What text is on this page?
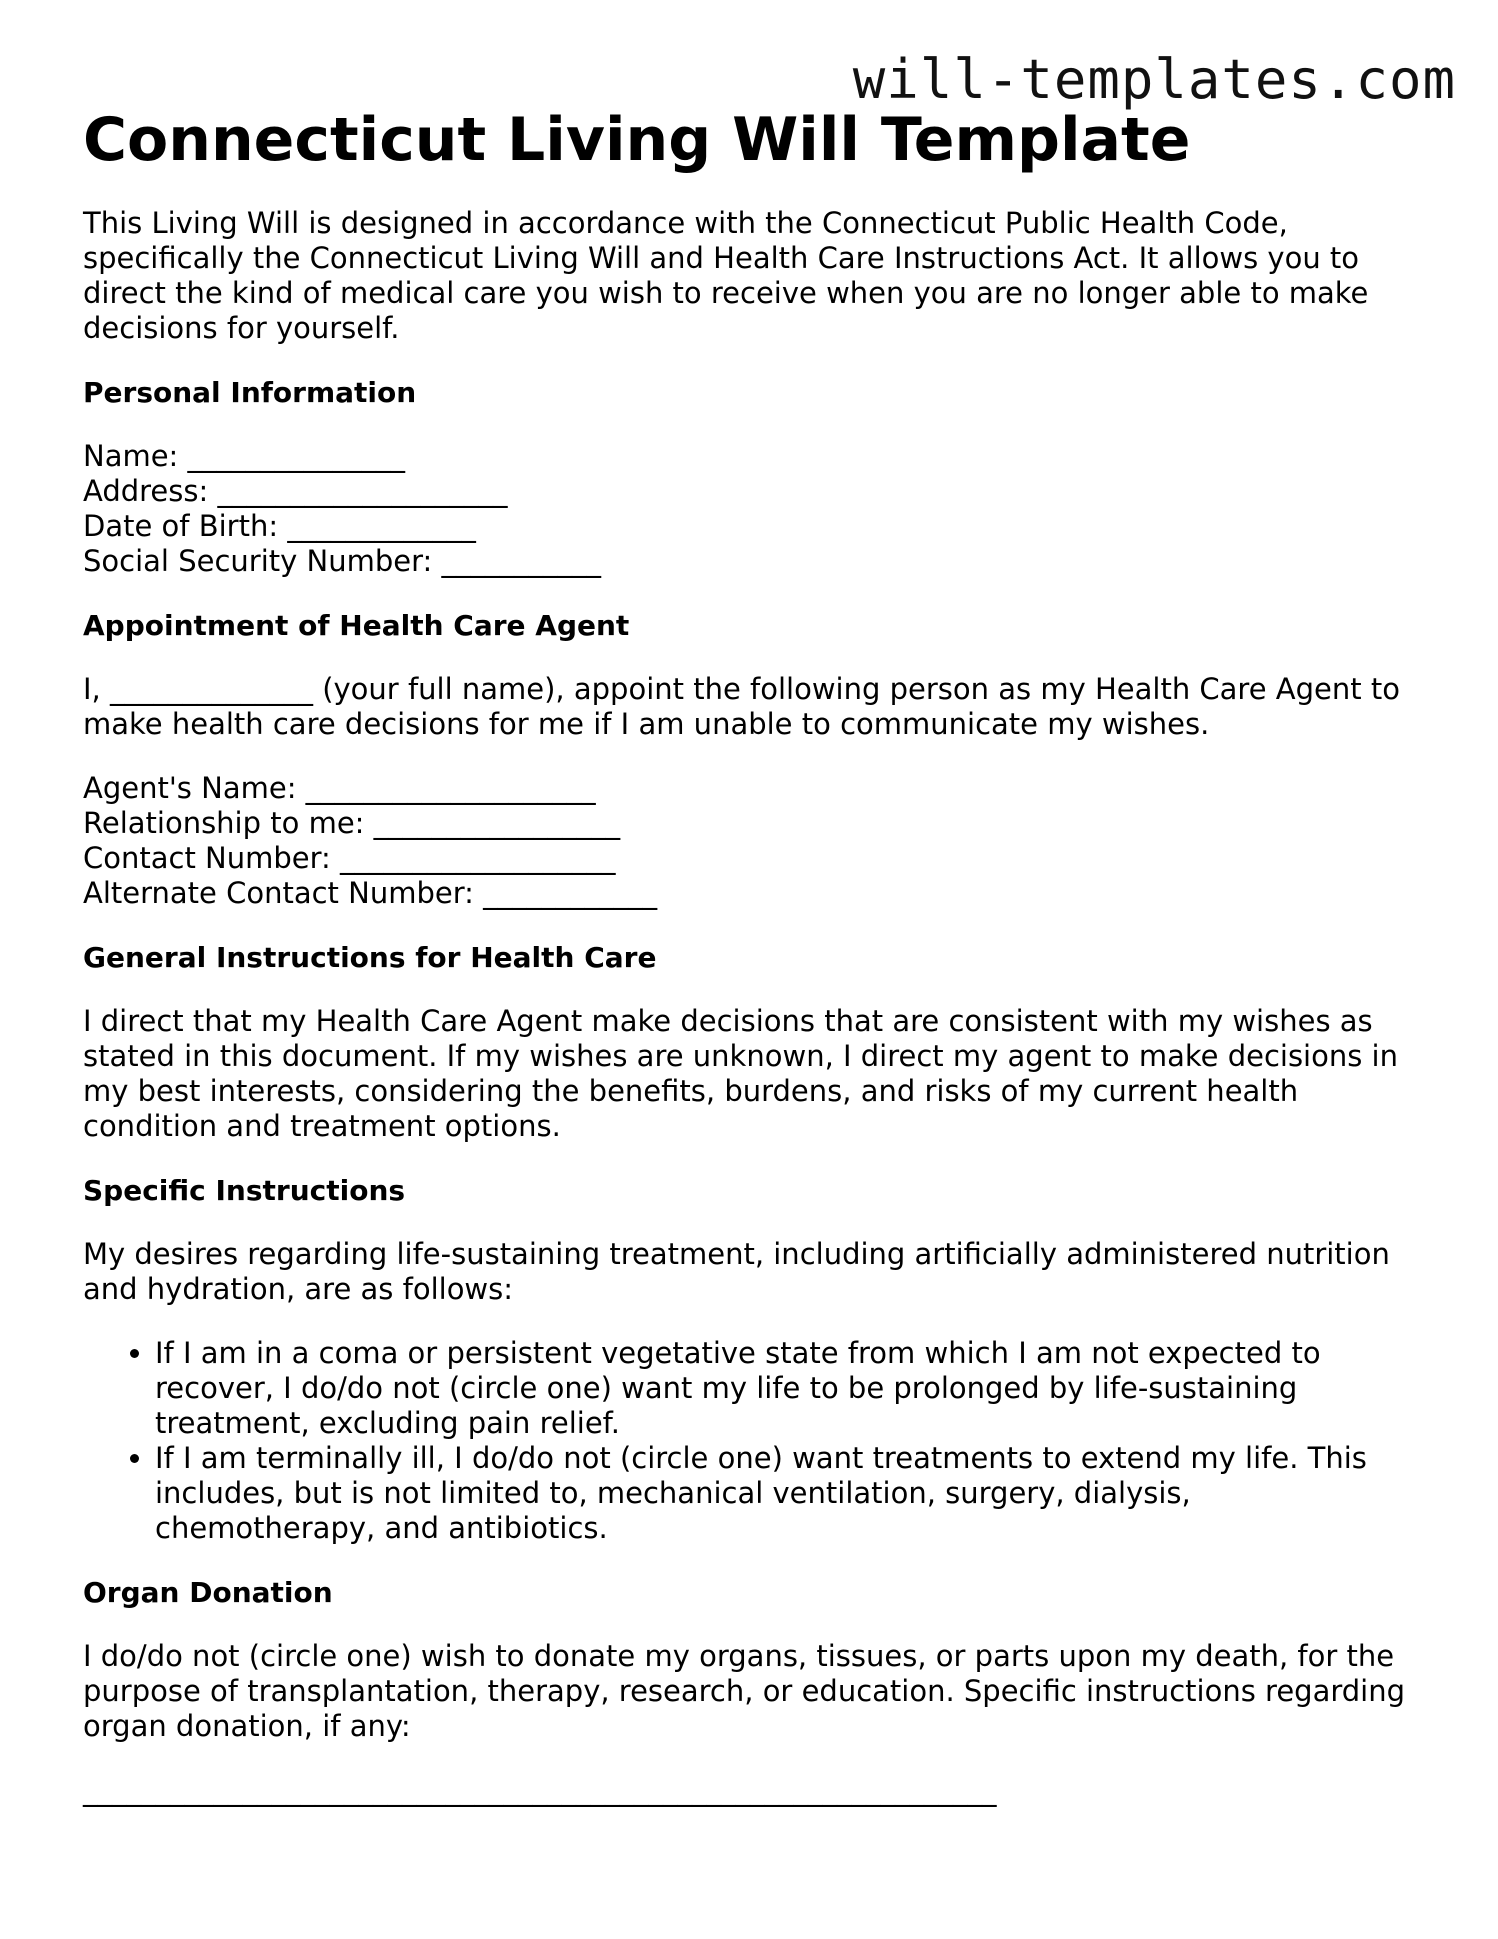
will-templates.com
Connecticut Living Will Template

This Living Will is designed in accordance with the Connecticut Public Health Code, specifically the Connecticut Living Will and Health Care Instructions Act. It allows you to direct the kind of medical care you wish to receive when you are no longer able to make decisions for yourself.

Personal Information
Name: _______________
Address: ____________________
Date of Birth: _____________
Social Security Number: ___________
Appointment of Health Care Agent

I, ______________ (your full name), appoint the following person as my Health Care Agent to make health care decisions for me if I am unable to communicate my wishes.

Agent's Name: ____________________
Relationship to me: _________________
Contact Number: ___________________
Alternate Contact Number: ____________
General Instructions for Health Care

I direct that my Health Care Agent make decisions that are consistent with my wishes as stated in this document. If my wishes are unknown, I direct my agent to make decisions in my best interests, considering the benefits, burdens, and risks of my current health condition and treatment options.

Specific Instructions

My desires regarding life-sustaining treatment, including artificially administered nutrition and hydration, are as follows:

• If I am in a coma or persistent vegetative state from which I am not expected to recover, I do/do not (circle one) want my life to be prolonged by life-sustaining treatment, excluding pain relief.
• If I am terminally ill, I do/do not (circle one) want treatments to extend my life. This includes, but is not limited to, mechanical ventilation, surgery, dialysis, chemotherapy, and antibiotics.
Organ Donation

I do/do not (circle one) wish to donate my organs, tissues, or parts upon my death, for the purpose of transplantation, therapy, research, or education. Specific instructions regarding organ donation, if any:

_______________________________________________________________
